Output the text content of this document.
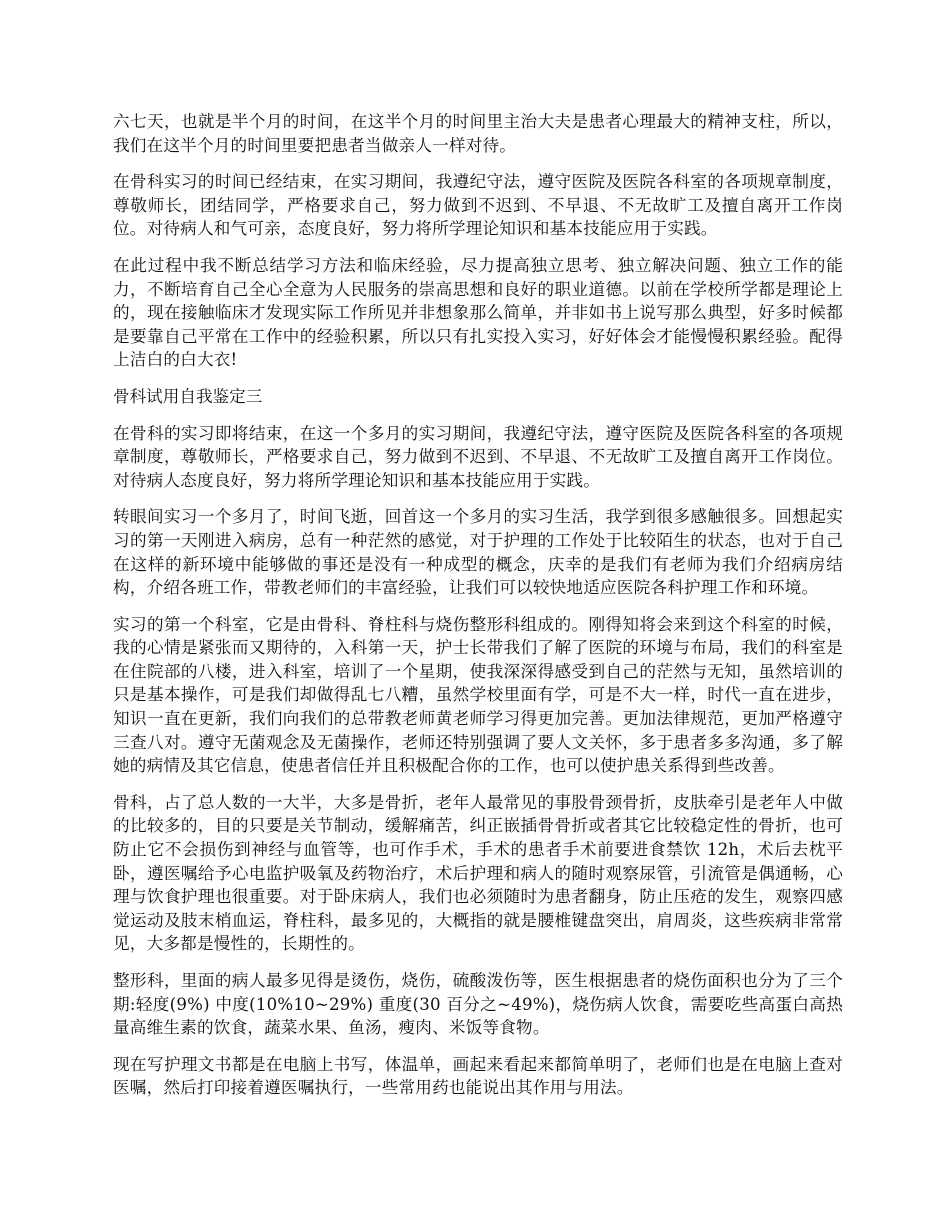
六七天，也就是半个月的时间，在这半个月的时间里主治大夫是患者心理最大的精神支柱，所以，我们在这半个月的时间里要把患者当做亲人一样对待。

在骨科实习的时间已经结束，在实习期间，我遵纪守法，遵守医院及医院各科室的各项规章制度，尊敬师长，团结同学，严格要求自己，努力做到不迟到、不早退、不无故旷工及擅自离开工作岗位。对待病人和气可亲，态度良好，努力将所学理论知识和基本技能应用于实践。

在此过程中我不断总结学习方法和临床经验，尽力提高独立思考、独立解决问题、独立工作的能力，不断培育自己全心全意为人民服务的崇高思想和良好的职业道德。以前在学校所学都是理论上的，现在接触临床才发现实际工作所见并非想象那么简单，并非如书上说写那么典型，好多时候都是要靠自己平常在工作中的经验积累，所以只有扎实投入实习，好好体会才能慢慢积累经验。配得上洁白的白大衣!

骨科试用自我鉴定三

在骨科的实习即将结束，在这一个多月的实习期间，我遵纪守法，遵守医院及医院各科室的各项规章制度，尊敬师长，严格要求自己，努力做到不迟到、不早退、不无故旷工及擅自离开工作岗位。对待病人态度良好，努力将所学理论知识和基本技能应用于实践。

转眼间实习一个多月了，时间飞逝，回首这一个多月的实习生活，我学到很多感触很多。回想起实习的第一天刚进入病房，总有一种茫然的感觉，对于护理的工作处于比较陌生的状态，也对于自己在这样的新环境中能够做的事还是没有一种成型的概念，庆幸的是我们有老师为我们介绍病房结构，介绍各班工作，带教老师们的丰富经验，让我们可以较快地适应医院各科护理工作和环境。

实习的第一个科室，它是由骨科、脊柱科与烧伤整形科组成的。刚得知将会来到这个科室的时候，我的心情是紧张而又期待的，入科第一天，护士长带我们了解了医院的环境与布局，我们的科室是在住院部的八楼，进入科室，培训了一个星期，使我深深得感受到自己的茫然与无知，虽然培训的只是基本操作，可是我们却做得乱七八糟，虽然学校里面有学，可是不大一样，时代一直在进步，知识一直在更新，我们向我们的总带教老师黄老师学习得更加完善。更加法律规范，更加严格遵守三查八对。遵守无菌观念及无菌操作，老师还特别强调了要人文关怀，多于患者多多沟通，多了解她的病情及其它信息，使患者信任并且积极配合你的工作，也可以使护患关系得到些改善。

骨科，占了总人数的一大半，大多是骨折，老年人最常见的事股骨颈骨折，皮肤牵引是老年人中做的比较多的，目的只要是关节制动，缓解痛苦，纠正嵌插骨骨折或者其它比较稳定性的骨折，也可防止它不会损伤到神经与血管等，也可作手术，手术的患者手术前要进食禁饮 12h，术后去枕平卧，遵医嘱给予心电监护吸氧及药物治疗，术后护理和病人的随时观察尿管，引流管是偶通畅，心理与饮食护理也很重要。对于卧床病人，我们也必须随时为患者翻身，防止压疮的发生，观察四感觉运动及肢末梢血运，脊柱科，最多见的，大概指的就是腰椎键盘突出，肩周炎，这些疾病非常常见，大多都是慢性的，长期性的。

整形科，里面的病人最多见得是烫伤，烧伤，硫酸泼伤等，医生根据患者的烧伤面积也分为了三个期:轻度(9%) 中度(10%10~29%) 重度(30 百分之~49%)，烧伤病人饮食，需要吃些高蛋白高热量高维生素的饮食，蔬菜水果、鱼汤，瘦肉、米饭等食物。

现在写护理文书都是在电脑上书写，体温单，画起来看起来都简单明了，老师们也是在电脑上查对医嘱，然后打印接着遵医嘱执行，一些常用药也能说出其作用与用法。
